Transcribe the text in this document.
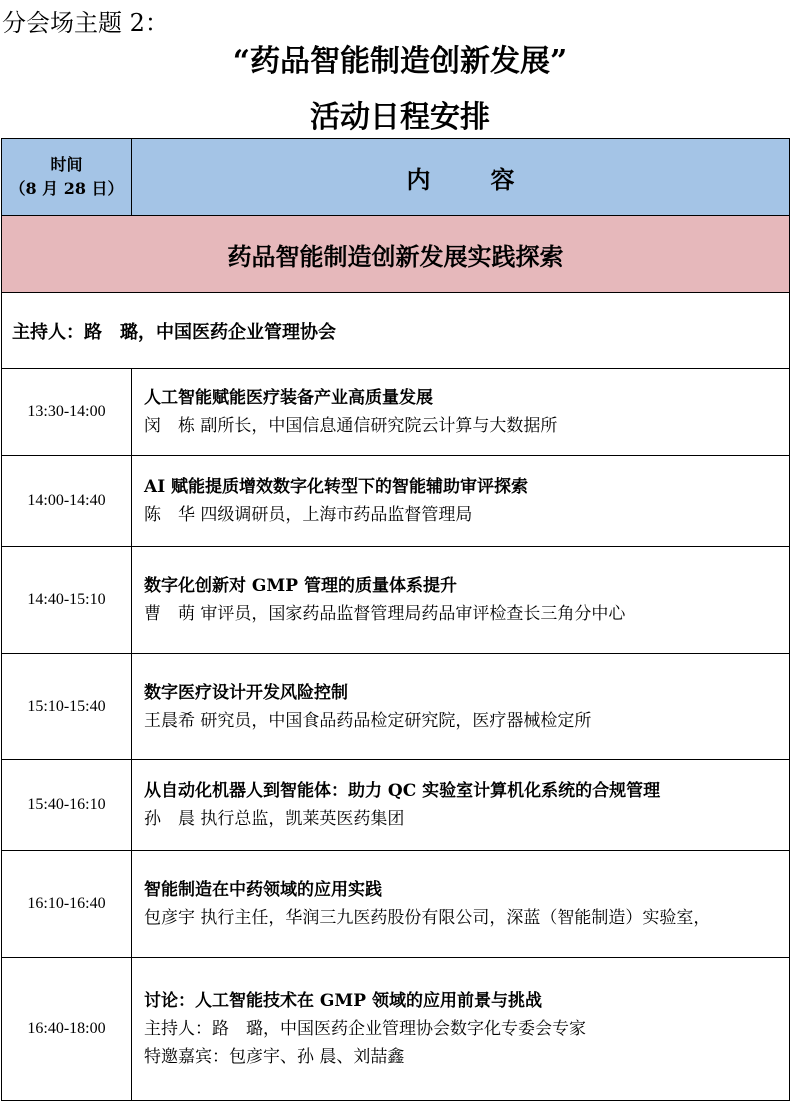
分会场主题 2：
“药品智能制造创新发展”
活动日程安排
时间
（8 月 28 日）	内 容
药品智能制造创新发展实践探索	
主持人：路　璐，中国医药企业管理协会	
13:30-14:00	人工智能赋能医疗装备产业高质量发展
闵　栋 副所长，中国信息通信研究院云计算与大数据所

14:00-14:40	AI 赋能提质增效数字化转型下的智能辅助审评探索
陈　华 四级调研员，上海市药品监督管理局

14:40-15:10	数字化创新对 GMP 管理的质量体系提升
曹　萌 审评员，国家药品监督管理局药品审评检查长三角分中心

15:10-15:40	数字医疗设计开发风险控制
王晨希 研究员，中国食品药品检定研究院，医疗器械检定所

15:40-16:10	从自动化机器人到智能体：助力 QC 实验室计算机化系统的合规管理
孙　晨 执行总监，凯莱英医药集团

16:10-16:40	智能制造在中药领域的应用实践
包彦宇 执行主任，华润三九医药股份有限公司，深蓝（智能制造）实验室，

16:40-18:00	讨论：人工智能技术在 GMP 领域的应用前景与挑战
主持人：路　璐，中国医药企业管理协会数字化专委会专家
特邀嘉宾：包彦宇、孙 晨、刘喆鑫
